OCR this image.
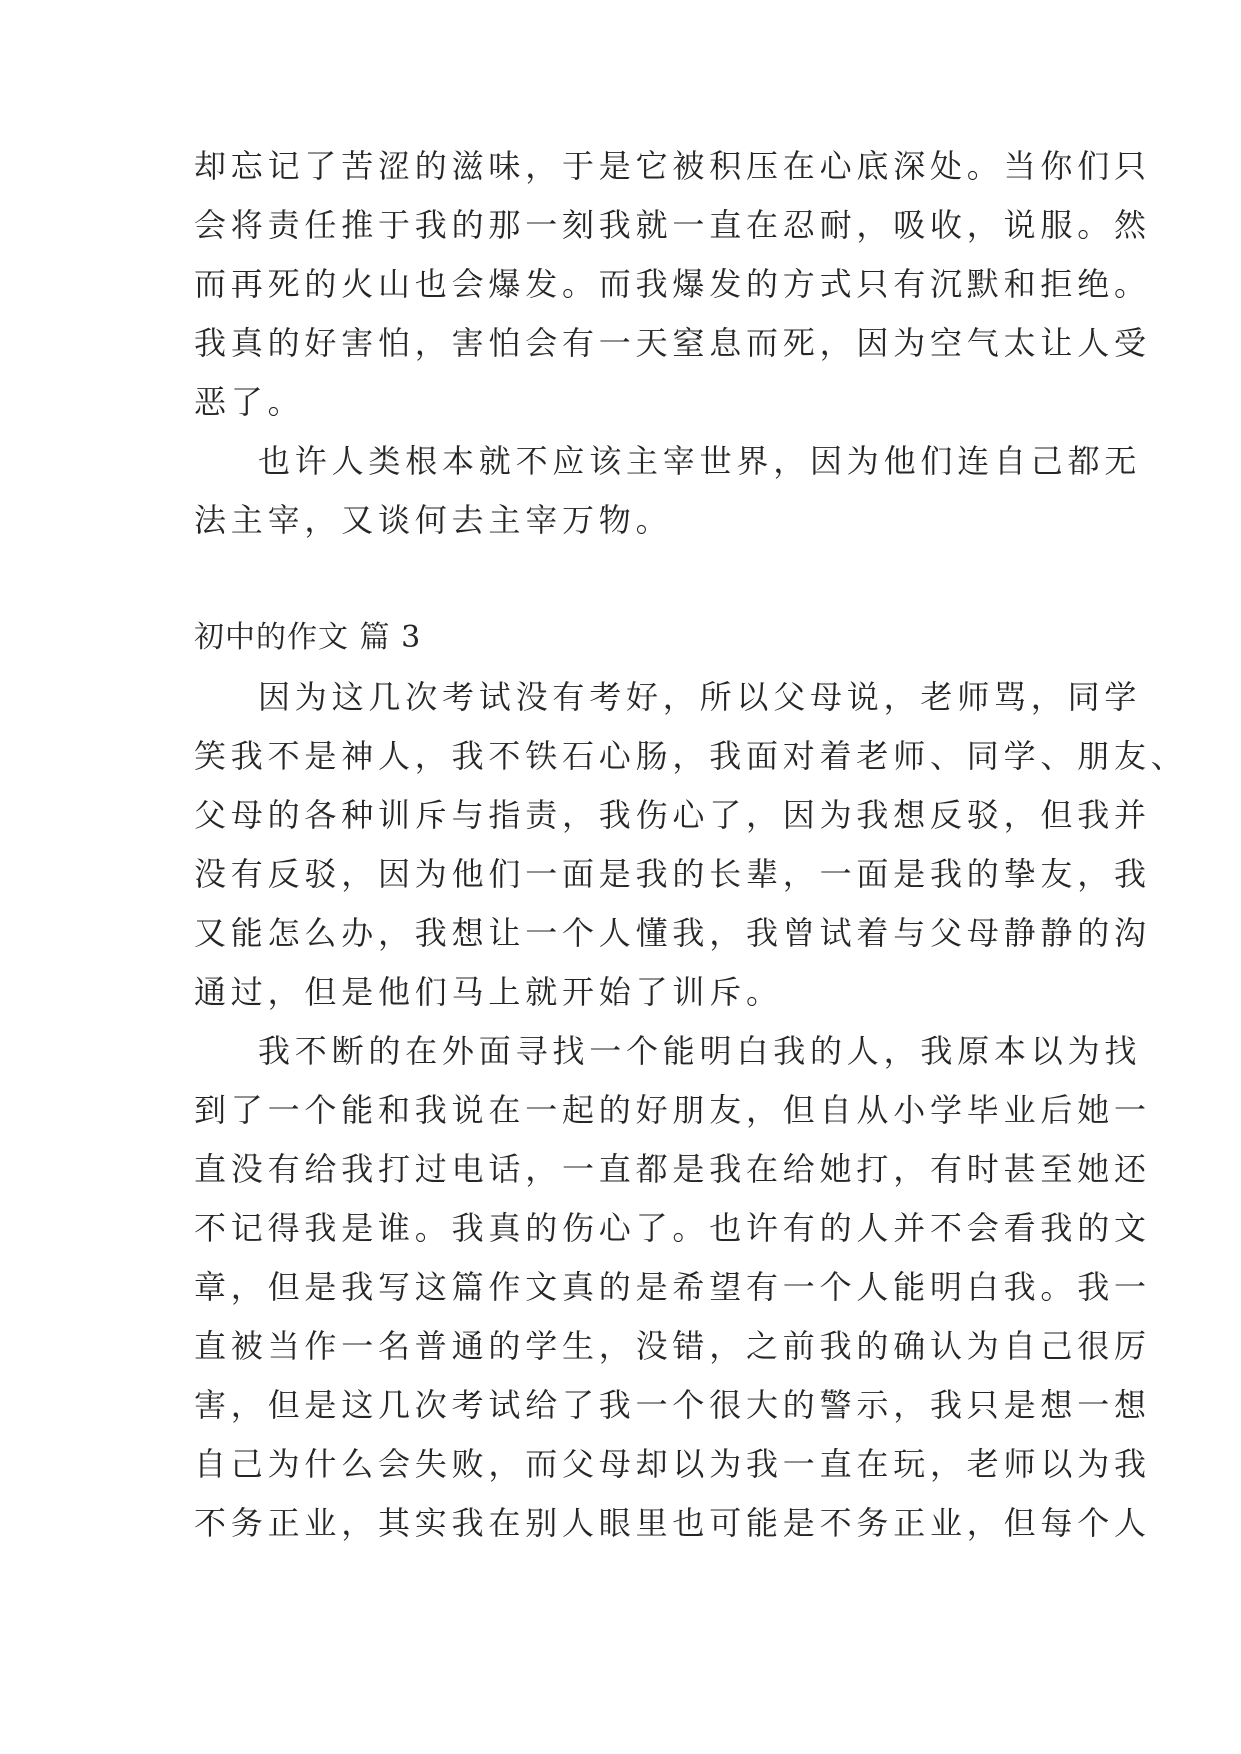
却忘记了苦涩的滋味，于是它被积压在心底深处。当你们只
会将责任推于我的那一刻我就一直在忍耐，吸收，说服。然
而再死的火山也会爆发。而我爆发的方式只有沉默和拒绝。
我真的好害怕，害怕会有一天窒息而死，因为空气太让人受
恶了。
也许人类根本就不应该主宰世界，因为他们连自己都无
法主宰，又谈何去主宰万物。
初中的作文 篇 3
因为这几次考试没有考好，所以父母说，老师骂，同学
笑我不是神人，我不铁石心肠，我面对着老师、同学、朋友、
父母的各种训斥与指责，我伤心了，因为我想反驳，但我并
没有反驳，因为他们一面是我的长辈，一面是我的挚友，我
又能怎么办，我想让一个人懂我，我曾试着与父母静静的沟
通过，但是他们马上就开始了训斥。
我不断的在外面寻找一个能明白我的人，我原本以为找
到了一个能和我说在一起的好朋友，但自从小学毕业后她一
直没有给我打过电话，一直都是我在给她打，有时甚至她还
不记得我是谁。我真的伤心了。也许有的人并不会看我的文
章，但是我写这篇作文真的是希望有一个人能明白我。我一
直被当作一名普通的学生，没错，之前我的确认为自己很厉
害，但是这几次考试给了我一个很大的警示，我只是想一想
自己为什么会失败，而父母却以为我一直在玩，老师以为我
不务正业，其实我在别人眼里也可能是不务正业，但每个人
